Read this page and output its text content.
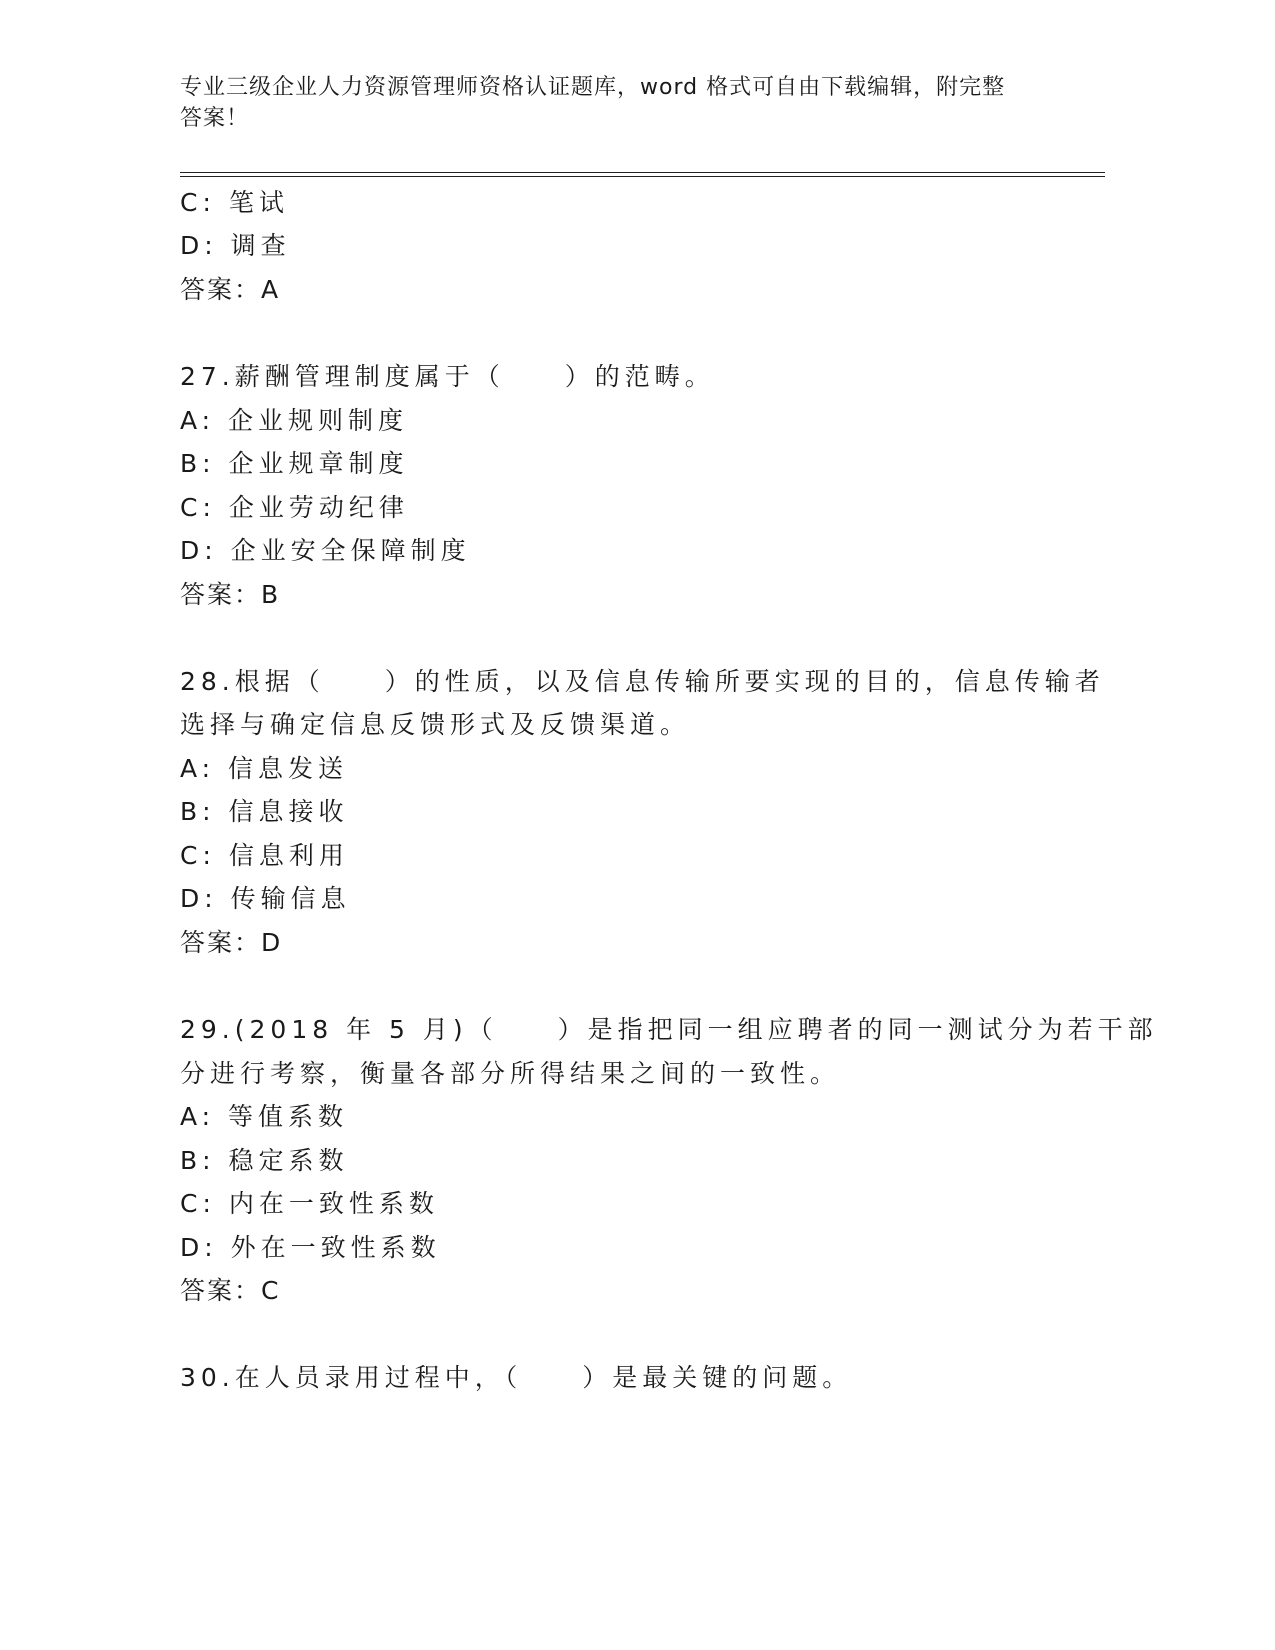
专业三级企业人力资源管理师资格认证题库，word 格式可自由下载编辑，附完整
答案！
C: 笔试
D: 调查
答案：A
27.薪酬管理制度属于（　　）的范畴。
A: 企业规则制度
B: 企业规章制度
C: 企业劳动纪律
D: 企业安全保障制度
答案：B
28.根据（　　）的性质，以及信息传输所要实现的目的，信息传输者
选择与确定信息反馈形式及反馈渠道。
A: 信息发送
B: 信息接收
C: 信息利用
D: 传输信息
答案：D
29.(2018 年 5 月)（　　）是指把同一组应聘者的同一测试分为若干部
分进行考察，衡量各部分所得结果之间的一致性。
A: 等值系数
B: 稳定系数
C: 内在一致性系数
D: 外在一致性系数
答案：C
30.在人员录用过程中，（　　）是最关键的问题。
